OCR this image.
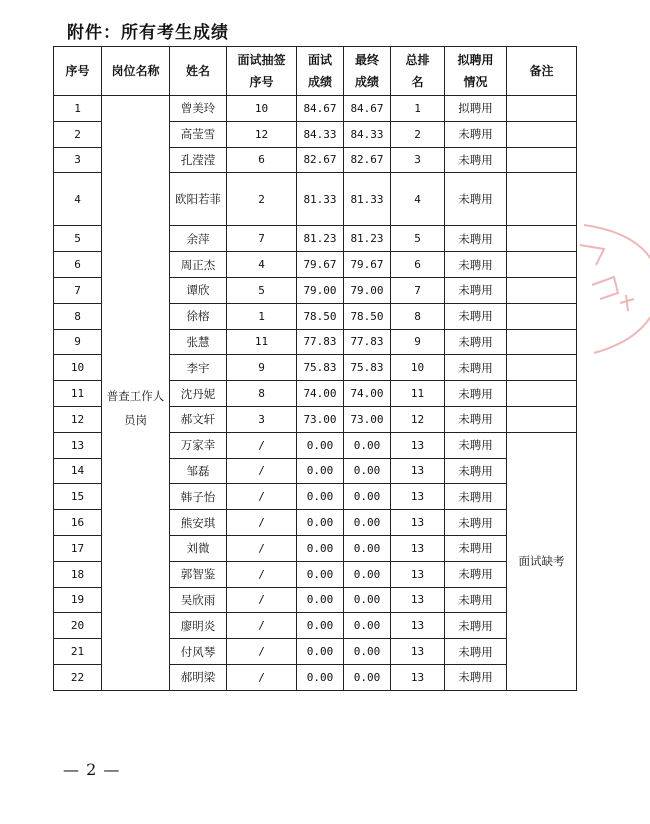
附件：所有考生成绩
序号	岗位名称	姓名	面试抽签序号	面试成绩	最终成绩	总排名	拟聘用情况	备注
1	普查工作人员岗	曾美玲	10	84.67	84.67	1	拟聘用	
2		高莹雪	12	84.33	84.33	2	未聘用	
3		孔滢滢	6	82.67	82.67	3	未聘用	
4		欧阳若菲	2	81.33	81.33	4	未聘用	
5		余萍	7	81.23	81.23	5	未聘用	
6		周正杰	4	79.67	79.67	6	未聘用	
7		谭欣	5	79.00	79.00	7	未聘用	
8		徐榕	1	78.50	78.50	8	未聘用	
9		张慧	11	77.83	77.83	9	未聘用	
10		李宇	9	75.83	75.83	10	未聘用	
11		沈丹妮	8	74.00	74.00	11	未聘用	
12		郝文轩	3	73.00	73.00	12	未聘用	
13		万家幸	/	0.00	0.00	13	未聘用	面试缺考
14		邹磊	/	0.00	0.00	13	未聘用	
15		韩子怡	/	0.00	0.00	13	未聘用	
16		熊安琪	/	0.00	0.00	13	未聘用	
17		刘微	/	0.00	0.00	13	未聘用	
18		郭智鉴	/	0.00	0.00	13	未聘用	
19		吴欣雨	/	0.00	0.00	13	未聘用	
20		廖明炎	/	0.00	0.00	13	未聘用	
21		付风琴	/	0.00	0.00	13	未聘用	
22		郝明梁	/	0.00	0.00	13	未聘用	
— 2 —
